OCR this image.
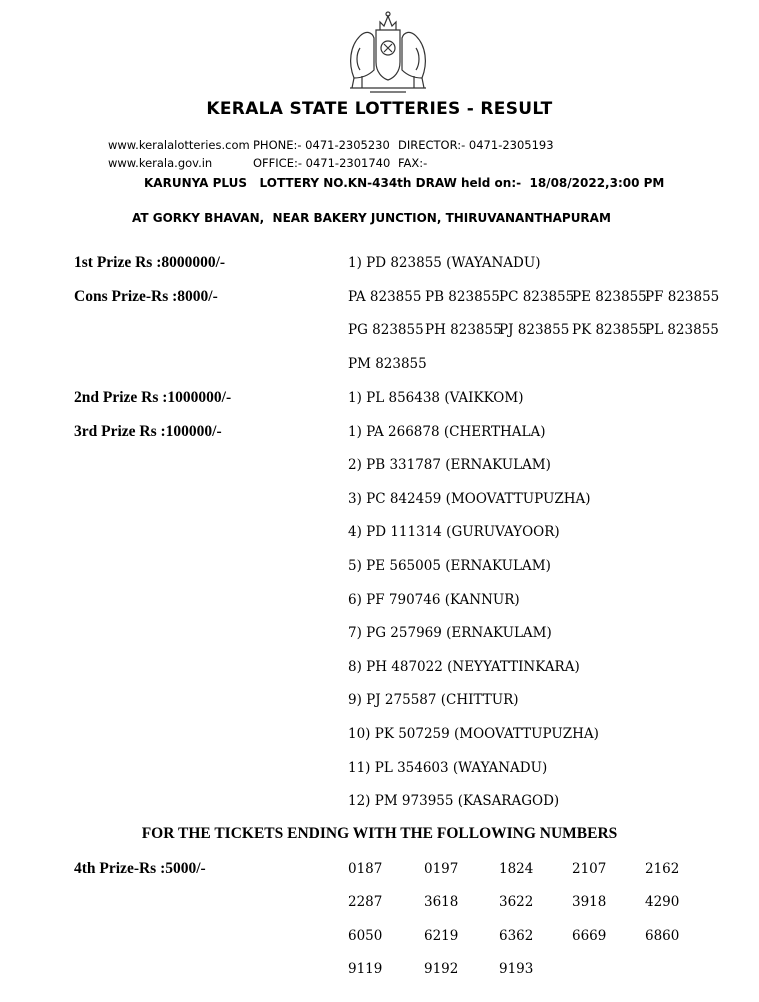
KERALA STATE LOTTERIES - RESULT
www.keralalotteries.com
www.kerala.gov.in
PHONE:- 0471-2305230
OFFICE:- 0471-2301740
DIRECTOR:- 0471-2305193
FAX:-
KARUNYA PLUS   LOTTERY NO.KN-434th DRAW held on:-  18/08/2022,3:00 PM
AT GORKY BHAVAN,  NEAR BAKERY JUNCTION, THIRUVANANTHAPURAM
1st Prize Rs :8000000/-	1) PD 823855 (WAYANADU)
Cons Prize-Rs :8000/-	PA 823855 PB 823855 PC 823855
PE 823855
PF 823855
PG 823855 PH 823855
PJ 823855 PK 823855
PL 823855
PM 823855
2nd Prize Rs :1000000/-	1) PL 856438 (VAIKKOM)
3rd Prize Rs :100000/-	1) PA 266878 (CHERTHALA)
2) PB 331787 (ERNAKULAM)
3) PC 842459 (MOOVATTUPUZHA)
4) PD 111314 (GURUVAYOOR)
5) PE 565005 (ERNAKULAM)
6) PF 790746 (KANNUR)
7) PG 257969 (ERNAKULAM)
8) PH 487022 (NEYYATTINKARA)
9) PJ 275587 (CHITTUR)
10) PK 507259 (MOOVATTUPUZHA)
11) PL 354603 (WAYANADU)
12) PM 973955 (KASARAGOD)
FOR THE TICKETS ENDING WITH THE FOLLOWING NUMBERS
4th Prize-Rs :5000/-	0187	0197	1824	2107	2162
2287	3618	3622	3918	4290
6050	6219	6362	6669	6860
9119	9192	9193
